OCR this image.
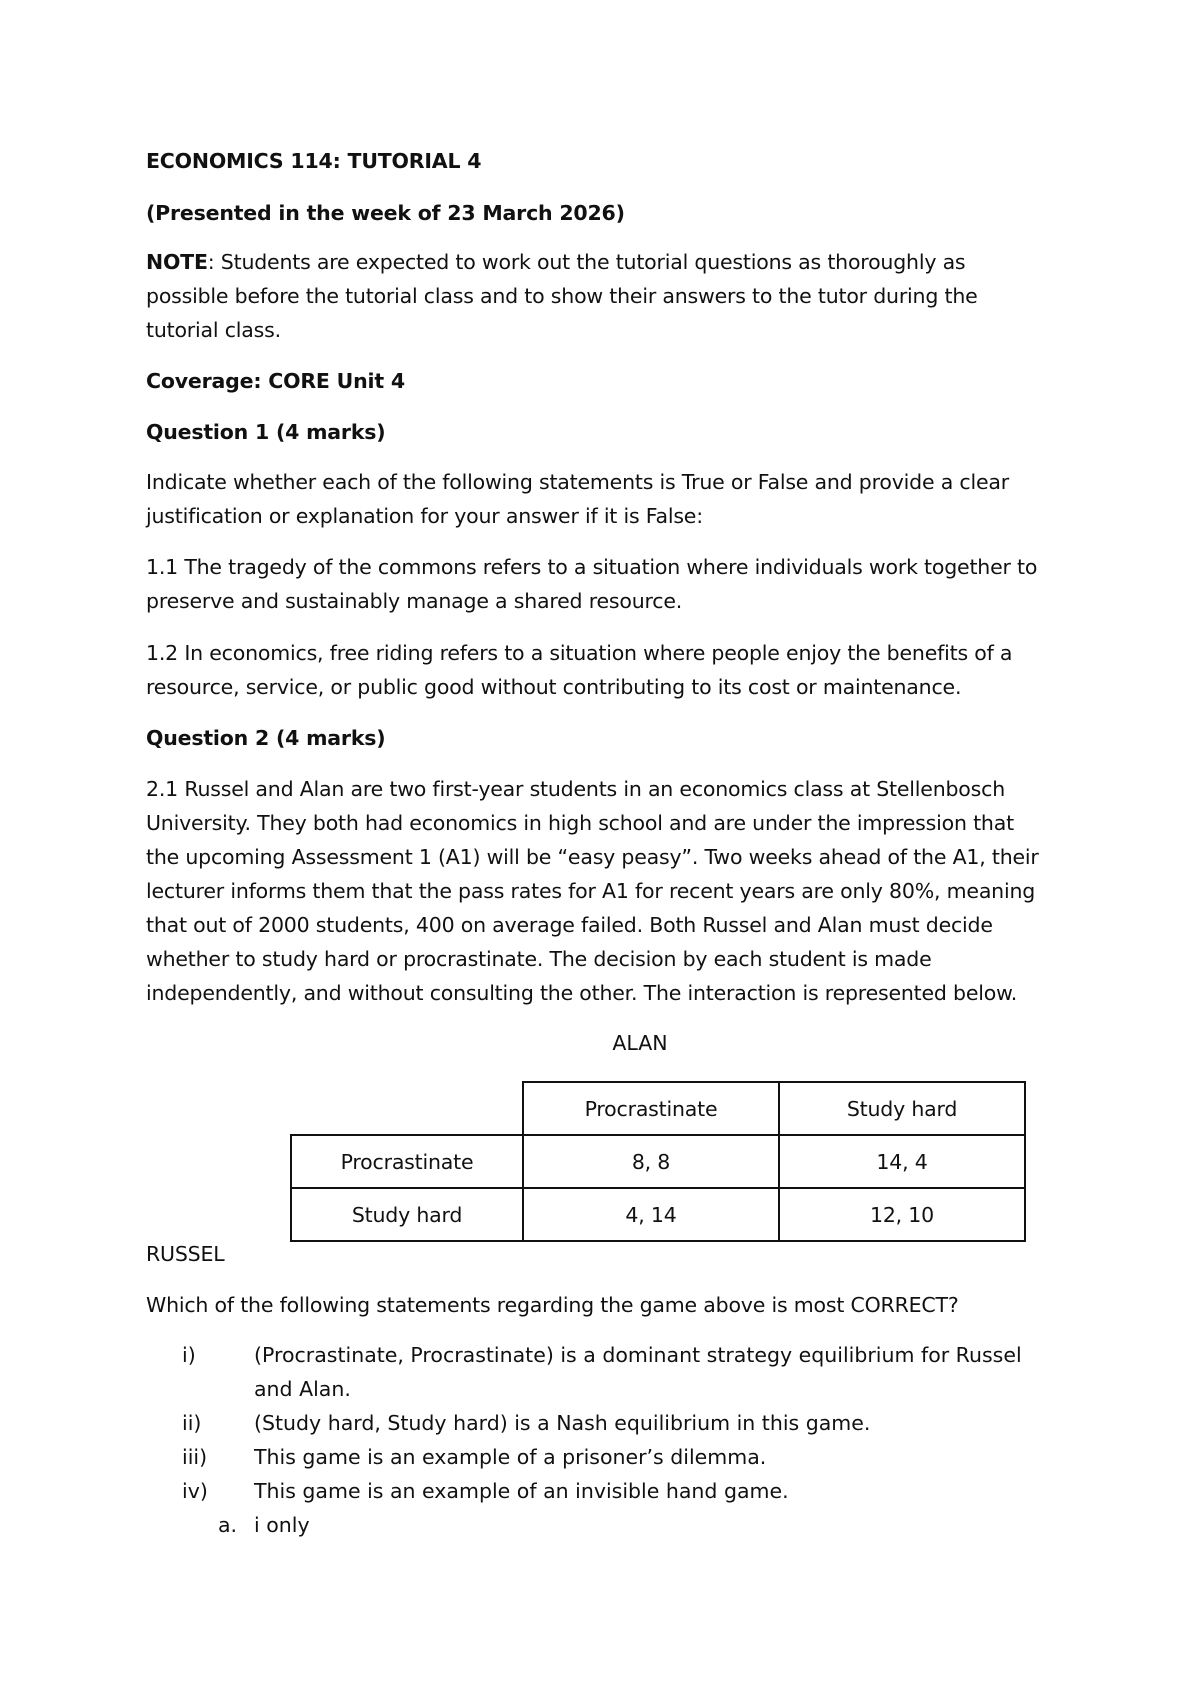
ECONOMICS 114: TUTORIAL 4
(Presented in the week of 23 March 2026)
NOTE: Students are expected to work out the tutorial questions as thoroughly as
possible before the tutorial class and to show their answers to the tutor during the
tutorial class.
Coverage: CORE Unit 4
Question 1 (4 marks)
Indicate whether each of the following statements is True or False and provide a clear
justification or explanation for your answer if it is False:
1.1 The tragedy of the commons refers to a situation where individuals work together to
preserve and sustainably manage a shared resource.
1.2 In economics, free riding refers to a situation where people enjoy the benefits of a
resource, service, or public good without contributing to its cost or maintenance.
Question 2 (4 marks)
2.1 Russel and Alan are two first-year students in an economics class at Stellenbosch
University. They both had economics in high school and are under the impression that
the upcoming Assessment 1 (A1) will be “easy peasy”. Two weeks ahead of the A1, their
lecturer informs them that the pass rates for A1 for recent years are only 80%, meaning
that out of 2000 students, 400 on average failed. Both Russel and Alan must decide
whether to study hard or procrastinate. The decision by each student is made
independently, and without consulting the other. The interaction is represented below.
ALAN
	Procrastinate	Study hard
Procrastinate	8, 8	14, 4
Study hard	4, 14	12, 10
RUSSEL
Which of the following statements regarding the game above is most CORRECT?
i)	(Procrastinate, Procrastinate) is a dominant strategy equilibrium for Russel
and Alan.
ii)	(Study hard, Study hard) is a Nash equilibrium in this game.
iii) This game is an example of a prisoner’s dilemma.
iv) This game is an example of an invisible hand game.
a. i only
